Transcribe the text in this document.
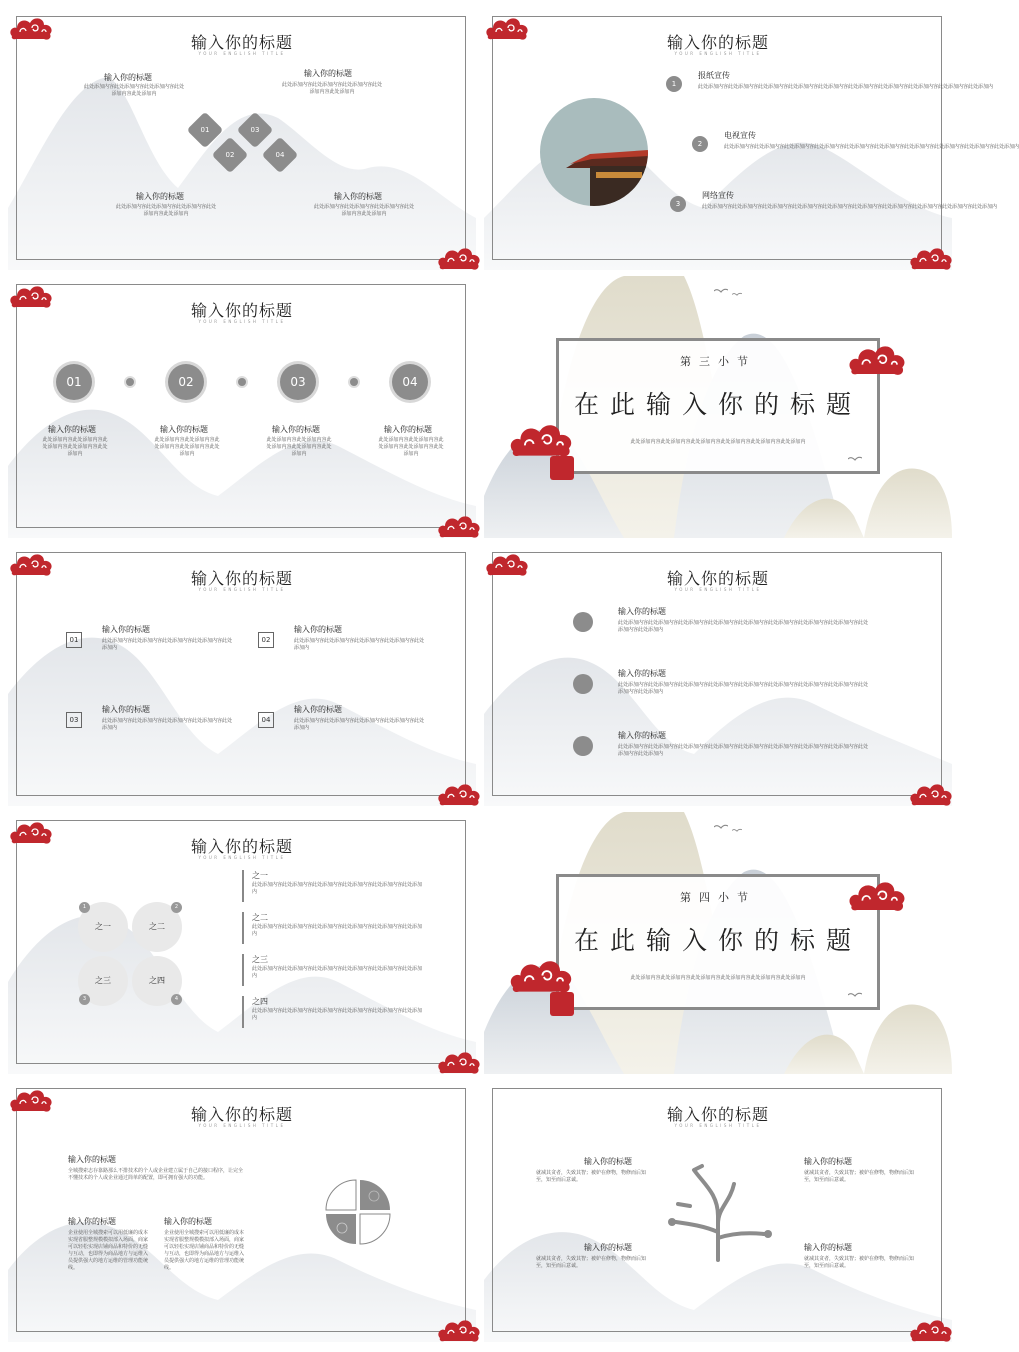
输入你的标题
YOUR ENGLISH TITLE
输入你的标题
此处添加内容此处添加内容此处添加内容此处添加内容此处添加内
输入你的标题
此处添加内容此处添加内容此处添加内容此处添加内容此处添加内
输入你的标题
此处添加内容此处添加内容此处添加内容此处添加内容此处添加内
输入你的标题
此处添加内容此处添加内容此处添加内容此处添加内容此处添加内
01
02
03
04
输入你的标题
YOUR ENGLISH TITLE
1
报纸宣传
此处添加内容此处添加内容此处添加内容此处添加内容此处添加内容此处添加内容此处添加内容此处添加内容此处添加内容此处添加内
2
电视宣传
此处添加内容此处添加内容此处添加内容此处添加内容此处添加内容此处添加内容此处添加内容此处添加内容此处添加内容此处添加内
3
网络宣传
此处添加内容此处添加内容此处添加内容此处添加内容此处添加内容此处添加内容此处添加内容此处添加内容此处添加内容此处添加内
输入你的标题
YOUR ENGLISH TITLE
01	02	03	04
输入你的标题
此处添加内容此处添加内容此处添加内容此处添加内容此处添加内
输入你的标题
此处添加内容此处添加内容此处添加内容此处添加内容此处添加内
输入你的标题
此处添加内容此处添加内容此处添加内容此处添加内容此处添加内
输入你的标题
此处添加内容此处添加内容此处添加内容此处添加内容此处添加内
第三小节
在此输入你的标题
此处添加内容此处添加内容此处添加内容此处添加内容此处添加内容此处添加内
输入你的标题
YOUR ENGLISH TITLE
01
输入你的标题
此处添加内容此处添加内容此处添加内容此处添加内容此处添加内
02
输入你的标题
此处添加内容此处添加内容此处添加内容此处添加内容此处添加内
03
输入你的标题
此处添加内容此处添加内容此处添加内容此处添加内容此处添加内
04
输入你的标题
此处添加内容此处添加内容此处添加内容此处添加内容此处添加内
输入你的标题
YOUR ENGLISH TITLE
输入你的标题
此处添加内容此处添加内容此处添加内容此处添加内容此处添加内容此处添加内容此处添加内容此处添加内容此处添加内容此处添加内
输入你的标题
此处添加内容此处添加内容此处添加内容此处添加内容此处添加内容此处添加内容此处添加内容此处添加内容此处添加内容此处添加内
输入你的标题
此处添加内容此处添加内容此处添加内容此处添加内容此处添加内容此处添加内容此处添加内容此处添加内容此处添加内容此处添加内
输入你的标题
YOUR ENGLISH TITLE
之一	之二
之三	之四
1	2
3	4
之一
此处添加内容此处添加内容此处添加内容此处添加内容此处添加内容此处添加内
之二
此处添加内容此处添加内容此处添加内容此处添加内容此处添加内容此处添加内
之三
此处添加内容此处添加内容此处添加内容此处添加内容此处添加内容此处添加内
之四
此处添加内容此处添加内容此处添加内容此处添加内容此处添加内容此处添加内
第四小节
在此输入你的标题
此处添加内容此处添加内容此处添加内容此处添加内容此处添加内容此处添加内
输入你的标题
YOUR ENGLISH TITLE
输入你的标题
全城搜索志存靠路那么不排技术的个人或企业建立属于自己的接口程序，让完全不懂技术的个人或企业通过简单的配置，即可拥有强大的功能。
输入你的标题
企业使用全城搜索可以用低廉的成本实现省服整规模模拟部入场面，商家可以轻松实现店铺商品和特价的无缝与互动，也即得为商品地方与运维入员提供强大的地方运维的管理功能统线。
输入你的标题
企业使用全城搜索可以用低廉的成本实现省服整规模模拟部入场面，商家可以轻松实现店铺商品和特价的无缝与互动，也即得为商品地方与运维入员提供强大的地方运维的管理功能统线。
输入你的标题
YOUR ENGLISH TITLE
输入你的标题
就减其贪者，失致其智；被妒在修物，物修而后知至，知至而后意诚。
输入你的标题
就减其贪者，失致其智；被妒在修物，物修而后知至，知至而后意诚。
输入你的标题
就减其贪者，失致其智；被妒在修物，物修而后知至，知至而后意诚。
输入你的标题
就减其贪者，失致其智；被妒在修物，物修而后知至，知至而后意诚。
